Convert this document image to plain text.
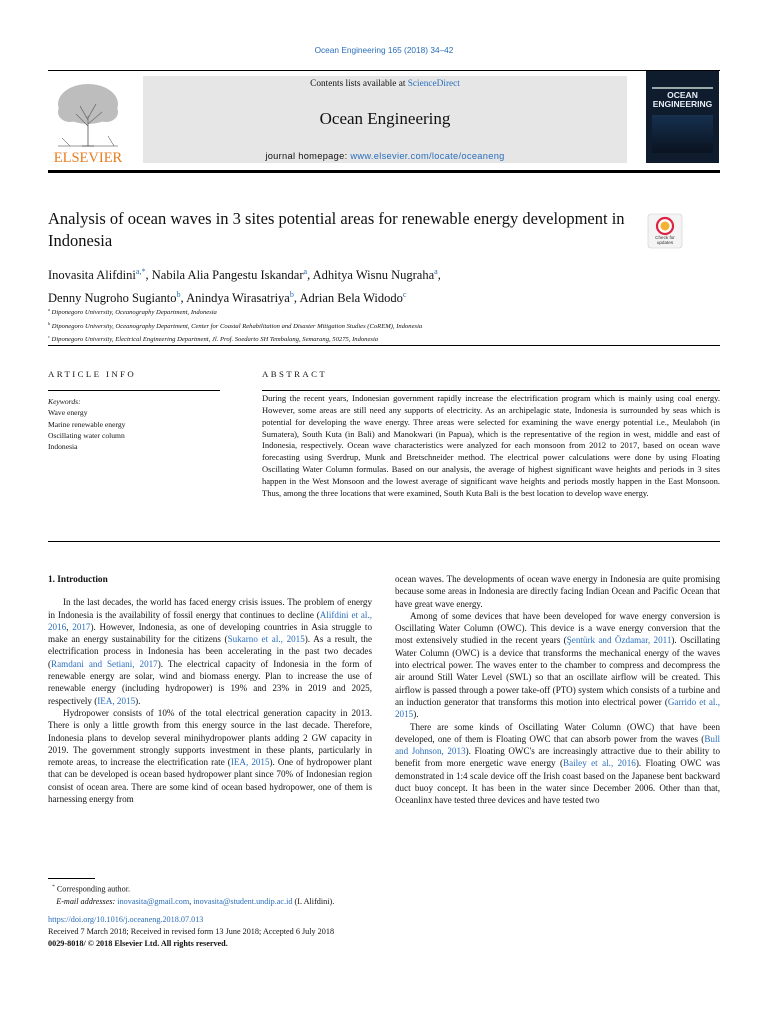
Ocean Engineering 165 (2018) 34–42
ELSEVIER
Contents lists available at ScienceDirect
Ocean Engineering
journal homepage: www.elsevier.com/locate/oceaneng
OCEAN ENGINEERING
Analysis of ocean waves in 3 sites potential areas for renewable energy development in Indonesia	Check for updates
Inovasita Alifdini$^{a,*}$, Nabila Alia Pangestu Iskandar$^a$, Adhitya Wisnu Nugraha$^a$,
Denny Nugroho Sugianto$^b$, Anindya Wirasatriya$^b$, Adrian Bela Widodo$^c$
$^a$ Diponegoro University, Oceanography Department, Indonesia
$^b$ Diponegoro University, Oceanography Department, Center for Coastal Rehabilitation and Disaster Mitigation Studies (CoREM), Indonesia
$^c$ Diponegoro University, Electrical Engineering Department, Jl. Prof. Soedarto SH Tembalang, Semarang, 50275, Indonesia
ARTICLE INFO	ABSTRACT
Keywords:
Wave energy
Marine renewable energy
Oscillating water column
Indonesia
During the recent years, Indonesian government rapidly increase the electrification program which is mainly using coal energy. However, some areas are still need any supports of electricity. As an archipelagic state, Indonesia is surrounded by seas which is potential for developing the wave energy. Three areas were selected for examining the wave energy potential i.e., Meulaboh (in Sumatera), South Kuta (in Bali) and Manokwari (in Papua), which is the representative of the region in west, middle and east of Indonesia, respectively. Ocean wave characteristics were analyzed for each monsoon from 2012 to 2017, based on ocean wave forecasting using Sverdrup, Munk and Bretschneider method. The electrical power calculations were done by using Floating Oscillating Water Column formulas. Based on our analysis, the average of highest significant wave heights and periods in 3 sites happen in the West Monsoon and the lowest average of significant wave heights and periods mostly happen in the East Monsoon. Thus, among the three locations that were examined, South Kuta Bali is the best location to develop wave energy.

1. Introduction

In the last decades, the world has faced energy crisis issues. The problem of energy in Indonesia is the availability of fossil energy that continues to decline (Alifdini et al., 2016, 2017). However, Indonesia, as one of developing countries in Asia struggle to make an energy sustainability for the citizens (Sukarno et al., 2015). As a result, the electrification process in Indonesia has been accelerating in the past two decades (Ramdani and Setiani, 2017). The electrical capacity of Indonesia in the form of renewable energy are solar, wind and biomass energy. Plan to increase the use of renewable energy (including hydropower) is 19% and 23% in 2019 and 2025, respectively (IEA, 2015).

Hydropower consists of 10% of the total electrical generation capacity in 2013. There is only a little growth from this energy source in the last decade. Therefore, Indonesia plans to develop several minihydropower plants adding 2 GW capacity in 2019. The government strongly supports investment in these plants, particularly in remote areas, to increase the electrification rate (IEA, 2015). One of hydropower plant that can be developed is ocean based hydropower plant since 70% of Indonesian region consist of ocean area. There are some kind of ocean based hydropower, one of them is harnessing energy from

ocean waves. The developments of ocean wave energy in Indonesia are quite promising because some areas in Indonesia are directly facing Indian Ocean and Pacific Ocean that have great wave energy.

Among of some devices that have been developed for wave energy conversion is Oscillating Water Column (OWC). This device is a wave energy conversion that the most extensively studied in the recent years (Şentürk and Özdamar, 2011). Oscillating Water Column (OWC) is a device that transforms the mechanical energy of the waves into electrical power. The waves enter to the chamber to compress and decompress the air around Still Water Level (SWL) so that an oscillate airflow will be created. This airflow is passed through a power take-off (PTO) system which consists of a turbine and an induction generator that transforms this motion into electrical power (Garrido et al., 2015).

There are some kinds of Oscillating Water Column (OWC) that have been developed, one of them is Floating OWC that can absorb power from the waves (Bull and Johnson, 2013). Floating OWC's are increasingly attractive due to their ability to benefit from more energetic wave energy (Bailey et al., 2016). Floating OWC was demonstrated in 1:4 scale device off the Irish coast based on the Japanese bent backward duct buoy concept. It has been in the water since December 2006. Other than that, Oceanlinx have tested three devices and have tested two

* Corresponding author.
E-mail addresses: inovasita@gmail.com, inovasita@student.undip.ac.id (I. Alifdini).
https://doi.org/10.1016/j.oceaneng.2018.07.013
Received 7 March 2018; Received in revised form 13 June 2018; Accepted 6 July 2018
0029-8018/ © 2018 Elsevier Ltd. All rights reserved.
